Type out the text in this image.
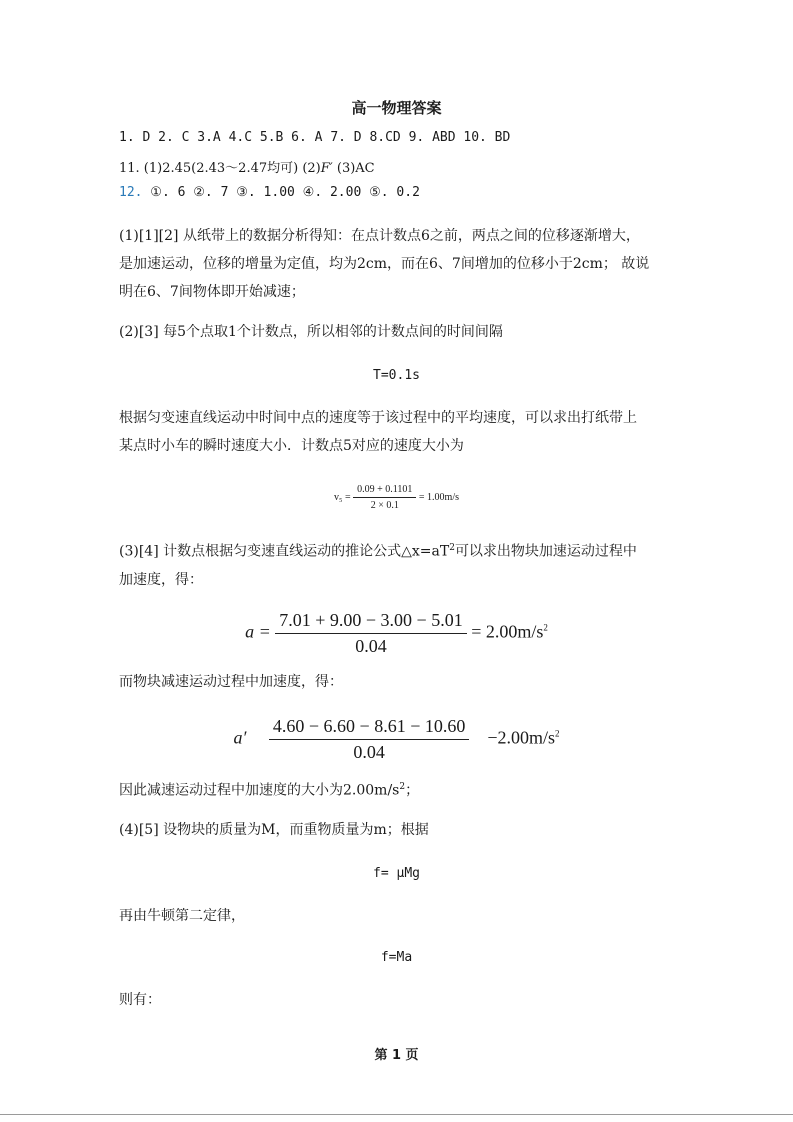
高一物理答案
1. D 2. C 3.A 4.C 5.B 6. A 7. D 8.CD 9. ABD 10. BD
11. (1)2.45(2.43～2.47均可) (2)F′ (3)AC
12. ①. 6 ②. 7 ③. 1.00 ④. 2.00 ⑤. 0.2
(1)[1][2] 从纸带上的数据分析得知：在点计数点6之前，两点之间的位移逐渐增大，
是加速运动，位移的增量为定值，均为2cm，而在6、7间增加的位移小于2cm； 故说
明在6、7间物体即开始减速；
(2)[3] 每5个点取1个计数点，所以相邻的计数点间的时间间隔
T=0.1s
根据匀变速直线运动中时间中点的速度等于该过程中的平均速度，可以求出打纸带上
某点时小车的瞬时速度大小．计数点5对应的速度大小为
$v_5 = \frac{0.09 + 0.1101}{2 \times 0.1} = 1.00m/s$
(3)[4] 计数点根据匀变速直线运动的推论公式$\triangle x=aT^2$可以求出物块加速运动过程中
加速度，得：
$a = \frac{7.01 + 9.00 - 3.00 - 5.01}{0.04} = 2.00m/s^2$
而物块减速运动过程中加速度，得：
$a' \frac{4.60 - 6.60 - 8.61 - 10.60}{0.04} -2.00m/s^2$
因此减速运动过程中加速度的大小为$2.00m/s^2$；
(4)[5] 设物块的质量为M，而重物质量为m；根据
f= μMg
再由牛顿第二定律，
f=Ma
则有：
第 1 页
